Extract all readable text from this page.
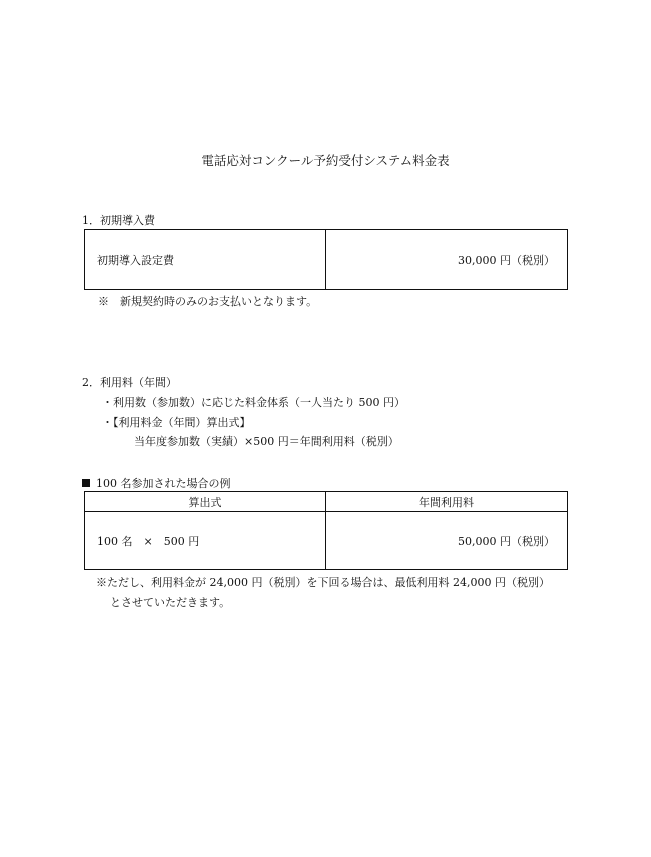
電話応対コンクール予約受付システム料金表
1．初期導入費
初期導入設定費	30,000 円（税別）
※　新規契約時のみのお支払いとなります。
2．利用料（年間）
・利用数（参加数）に応じた料金体系（一人当たり 500 円）
・【利用料金（年間）算出式】
当年度参加数（実績）×500 円＝年間利用料（税別）
100 名参加された場合の例
算出式	年間利用料
100 名　×　500 円	50,000 円（税別）
※ただし、利用料金が 24,000 円（税別）を下回る場合は、最低利用料 24,000 円（税別）
とさせていただきます。
